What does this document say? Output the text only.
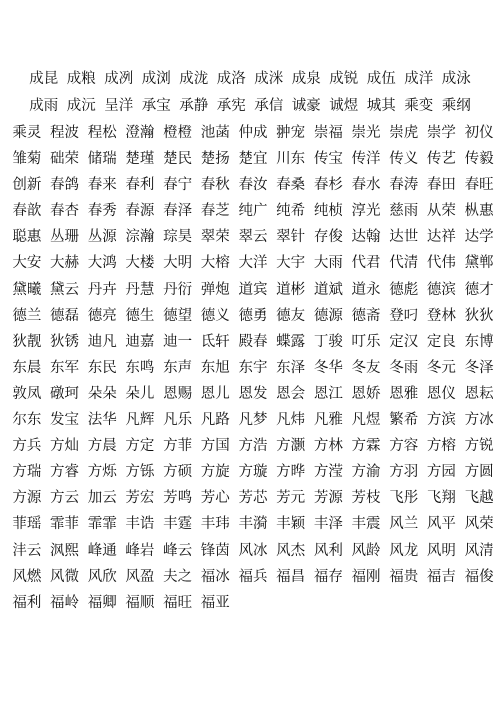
成昆 成粮 成冽 成浏 成泷 成洛 成洣 成泉 成锐 成伍 成洋 成泳
成雨 成沅 呈洋 承宝 承静 承宪 承信 诚豪 诚煜 城其 乘变 乘纲
乘灵 程波 程松 澄瀚 橙橙 池菡 仲成 翀宠 崇福 崇光 崇虎 崇学 初仪
雏菊 础荣 储瑞 楚瑾 楚民 楚扬 楚宜 川东 传宝 传洋 传义 传艺 传毅
创新 春鸽 春来 春利 春宁 春秋 春汝 春桑 春杉 春水 春涛 春田 春旺
春歆 春杏 春秀 春源 春泽 春芝 纯广 纯希 纯桢 淳光 慈雨 从荣 枞惠
聪惠 丛珊 丛源 淙瀚 琮昊 翠荣 翠云 翠针 存俊 达翰 达世 达祥 达学
大安 大赫 大鸿 大楼 大明 大榕 大洋 大宇 大雨 代君 代清 代伟 黛郸
黛曦 黛云 丹卉 丹慧 丹衍 弹炮 道宾 道彬 道斌 道永 德彪 德滨 德才
德兰 德磊 德亮 德生 德望 德义 德勇 德友 德源 德斋 登叼 登林 狄狄
狄靓 狄锈 迪凡 迪嘉 迪一 氐轩 殿春 蝶露 丁骏 叮乐 定汉 定良 东博
东晨 东军 东民 东鸣 东声 东旭 东宇 东泽 冬华 冬友 冬雨 冬元 冬泽
敦凤 礅珂 朵朵 朵儿 恩赐 恩儿 恩发 恩会 恩江 恩娇 恩雅 恩仪 恩耘
尔东 发宝 法华 凡辉 凡乐 凡路 凡梦 凡炜 凡雅 凡煜 繁希 方滨 方冰
方兵 方灿 方晨 方定 方菲 方国 方浩 方灏 方林 方霖 方容 方榕 方锐
方瑞 方睿 方烁 方铄 方硕 方旋 方璇 方晔 方滢 方渝 方羽 方园 方圆
方源 方云 加云 芳宏 芳鸣 芳心 芳芯 芳元 芳源 芳枝 飞彤 飞翔 飞越
菲瑶 霏菲 霏霏 丰诰 丰霆 丰玮 丰漪 丰颖 丰泽 丰震 风兰 风平 风荣
沣云 沨熙 峰通 峰岩 峰云 锋茵 风冰 风杰 风利 风龄 风龙 风明 风清
风燃 风微 风欣 风盈 夫之 福冰 福兵 福昌 福存 福刚 福贵 福吉 福俊
福利 福岭 福卿 福顺 福旺 福亚
